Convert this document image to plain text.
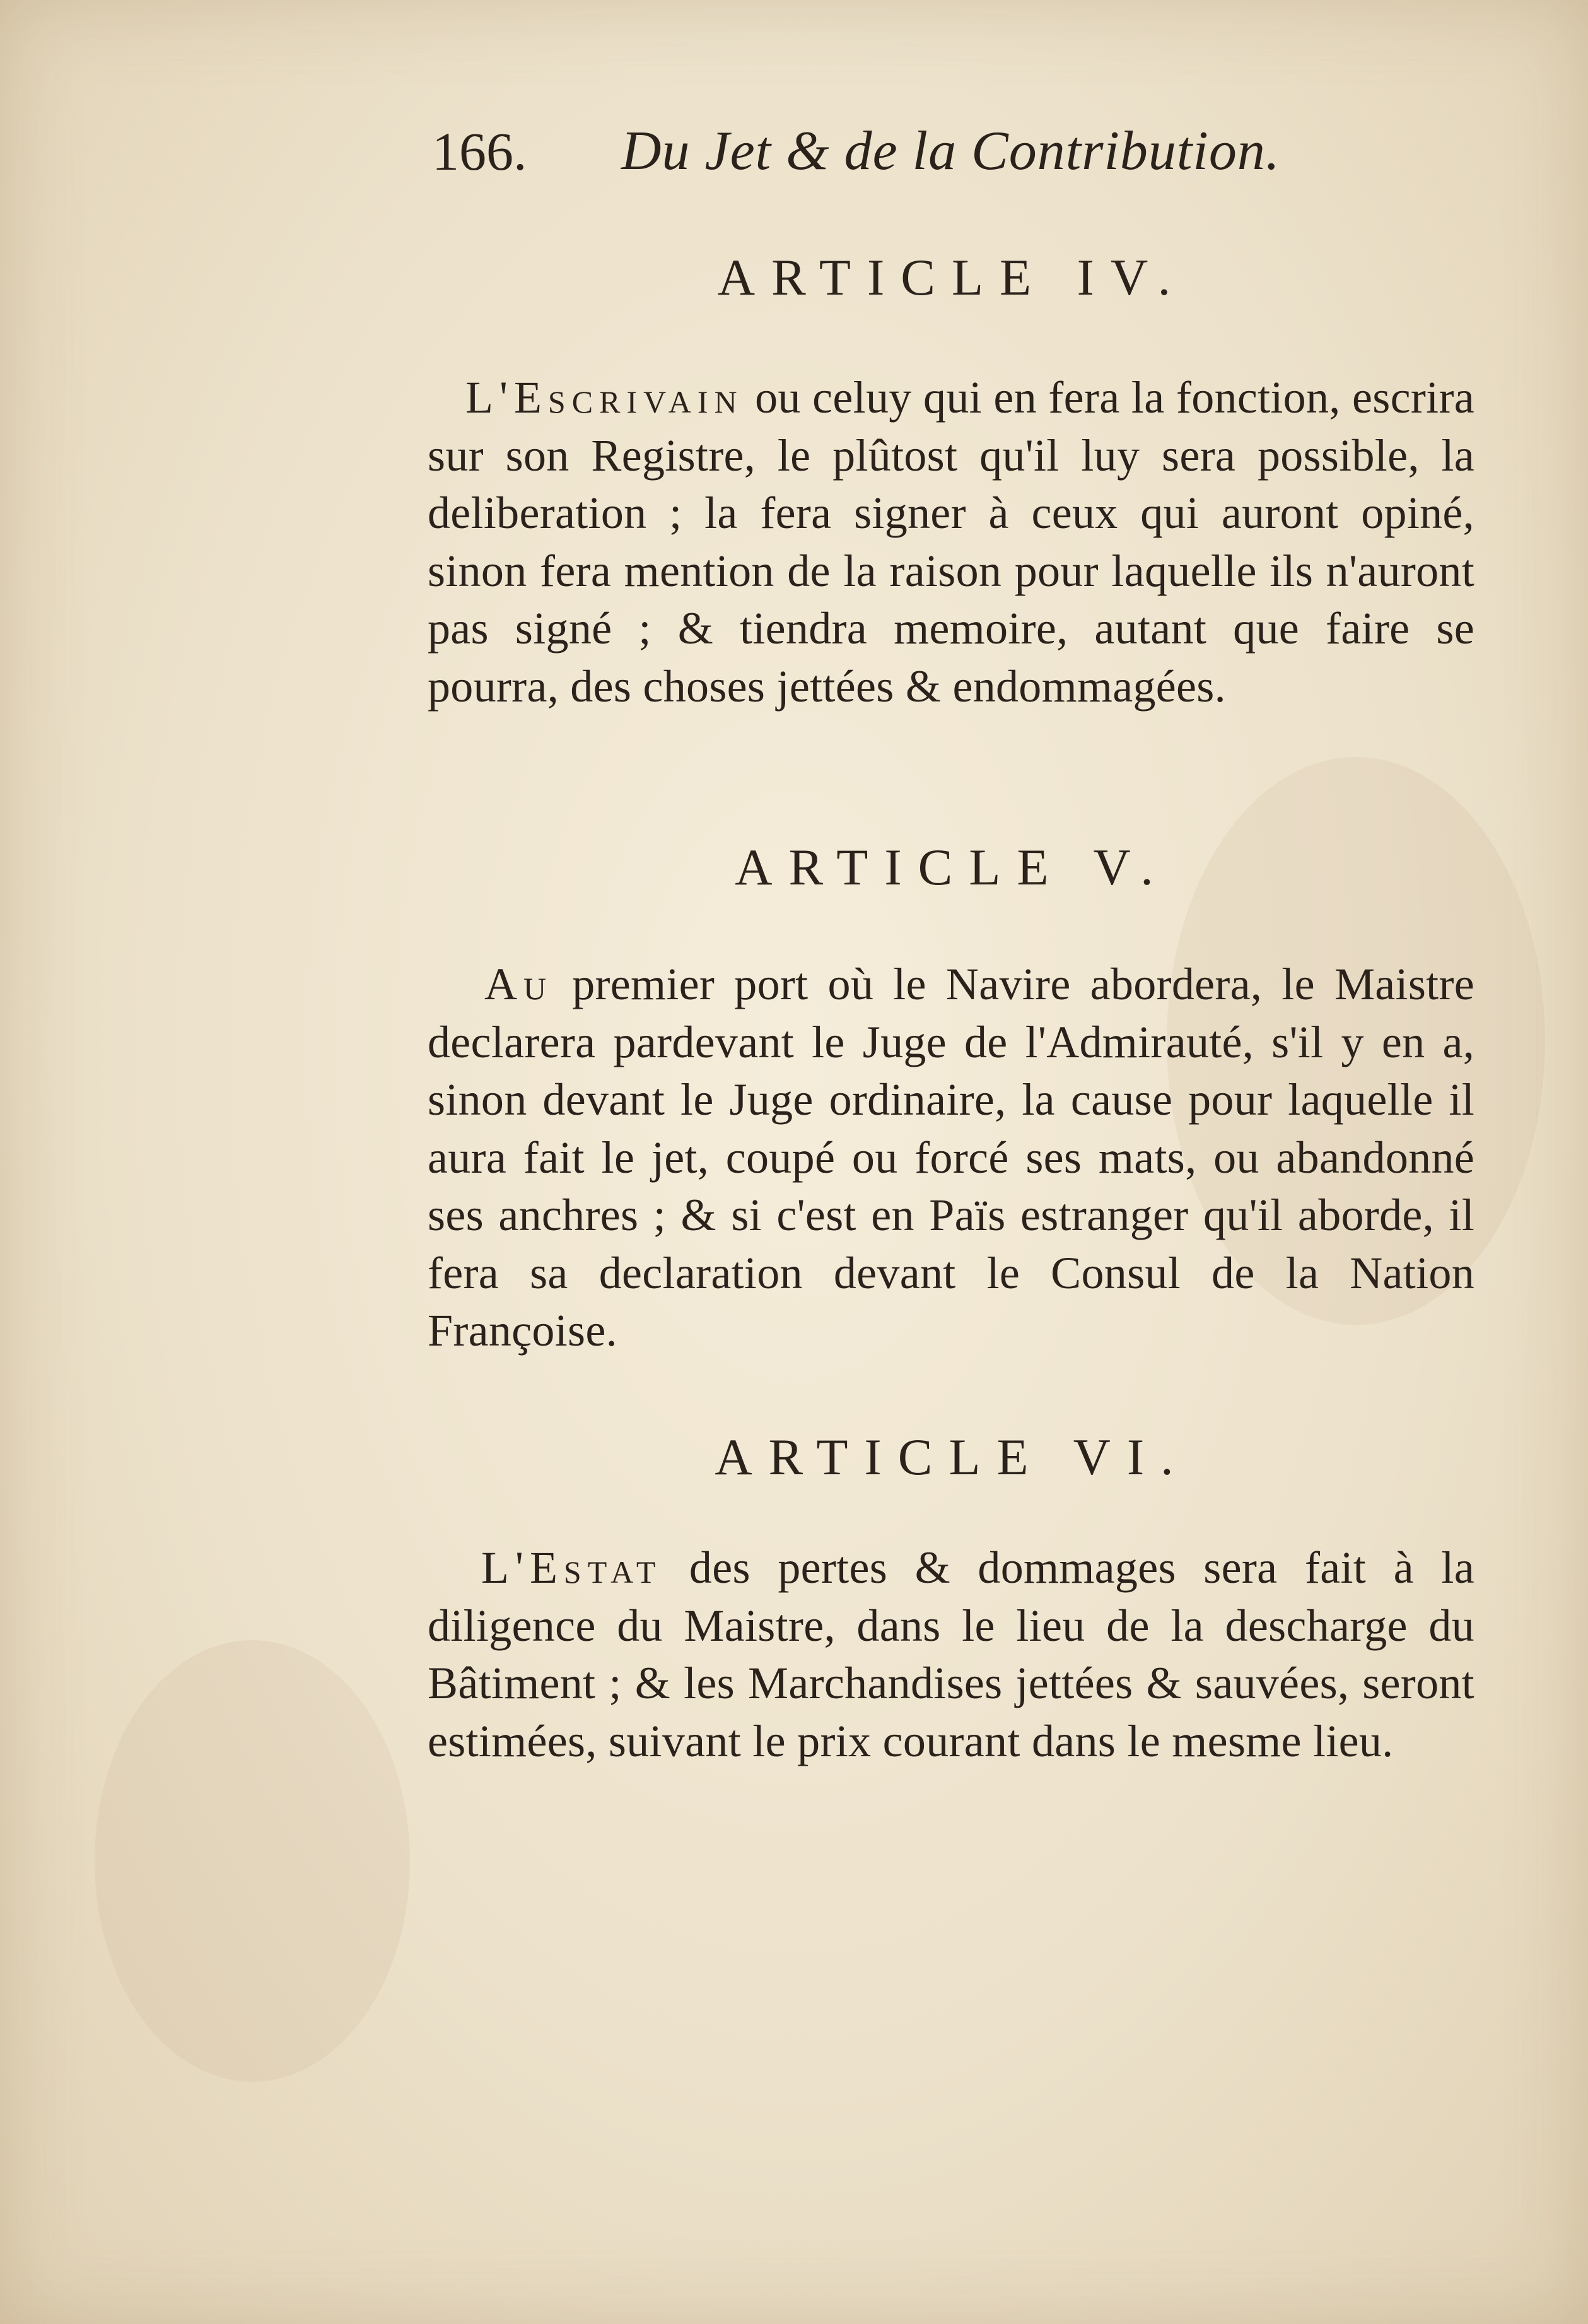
166. Du Jet & de la Contribution.
ARTICLE IV.

L'Escrivain ou celuy qui en fera la fonction, escrira sur son Registre, le plûtost qu'il luy sera possible, la deliberation ; la fera signer à ceux qui auront opiné, sinon fera mention de la raison pour laquelle ils n'auront pas signé ; & tiendra memoire, autant que faire se pourra, des choses jettées & endommagées.

ARTICLE V.

Au premier port où le Navire abordera, le Maistre declarera pardevant le Juge de l'Admirauté, s'il y en a, sinon devant le Juge ordinaire, la cause pour laquelle il aura fait le jet, coupé ou forcé ses mats, ou abandonné ses anchres ; & si c'est en Païs estranger qu'il aborde, il fera sa declaration devant le Consul de la Nation Françoise.

ARTICLE VI.

L'Estat des pertes & dommages sera fait à la diligence du Maistre, dans le lieu de la descharge du Bâtiment ; & les Marchandises jettées & sauvées, seront estimées, suivant le prix courant dans le mesme lieu.
